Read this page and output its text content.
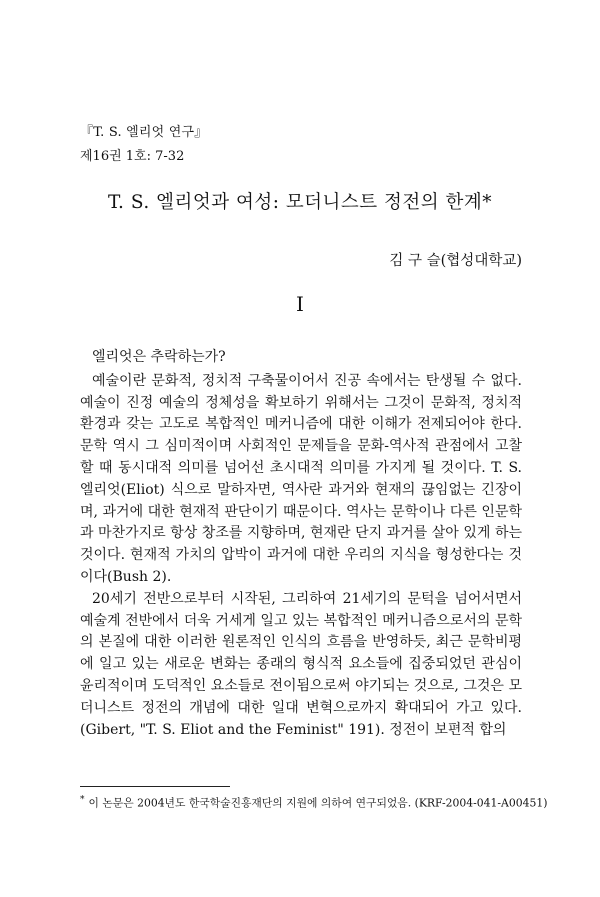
『T. S. 엘리엇 연구』
제16권 1호: 7-32
T. S. 엘리엇과 여성: 모더니스트 정전의 한계*
김 구 슬(협성대학교)
I

엘리엇은 추락하는가?

예술이란 문화적, 정치적 구축물이어서 진공 속에서는 탄생될 수 없다. 예술이 진정 예술의 정체성을 확보하기 위해서는 그것이 문화적, 정치적 환경과 갖는 고도로 복합적인 메커니즘에 대한 이해가 전제되어야 한다. 문학 역시 그 심미적이며 사회적인 문제들을 문화-역사적 관점에서 고찰할 때 동시대적 의미를 넘어선 초시대적 의미를 가지게 될 것이다. T. S. 엘리엇(Eliot) 식으로 말하자면, 역사란 과거와 현재의 끊임없는 긴장이며, 과거에 대한 현재적 판단이기 때문이다. 역사는 문학이나 다른 인문학과 마찬가지로 항상 창조를 지향하며, 현재란 단지 과거를 살아 있게 하는 것이다. 현재적 가치의 압박이 과거에 대한 우리의 지식을 형성한다는 것이다(Bush 2).

20세기 전반으로부터 시작된, 그리하여 21세기의 문턱을 넘어서면서 예술계 전반에서 더욱 거세게 일고 있는 복합적인 메커니즘으로서의 문학의 본질에 대한 이러한 원론적인 인식의 흐름을 반영하듯, 최근 문학비평에 일고 있는 새로운 변화는 종래의 형식적 요소들에 집중되었던 관심이 윤리적이며 도덕적인 요소들로 전이됨으로써 야기되는 것으로, 그것은 모더니스트 정전의 개념에 대한 일대 변혁으로까지 확대되어 가고 있다.(Gibert, "T. S. Eliot and the Feminist" 191). 정전이 보편적 합의

* 이 논문은 2004년도 한국학술진흥재단의 지원에 의하여 연구되었음. (KRF-2004-041-A00451)
